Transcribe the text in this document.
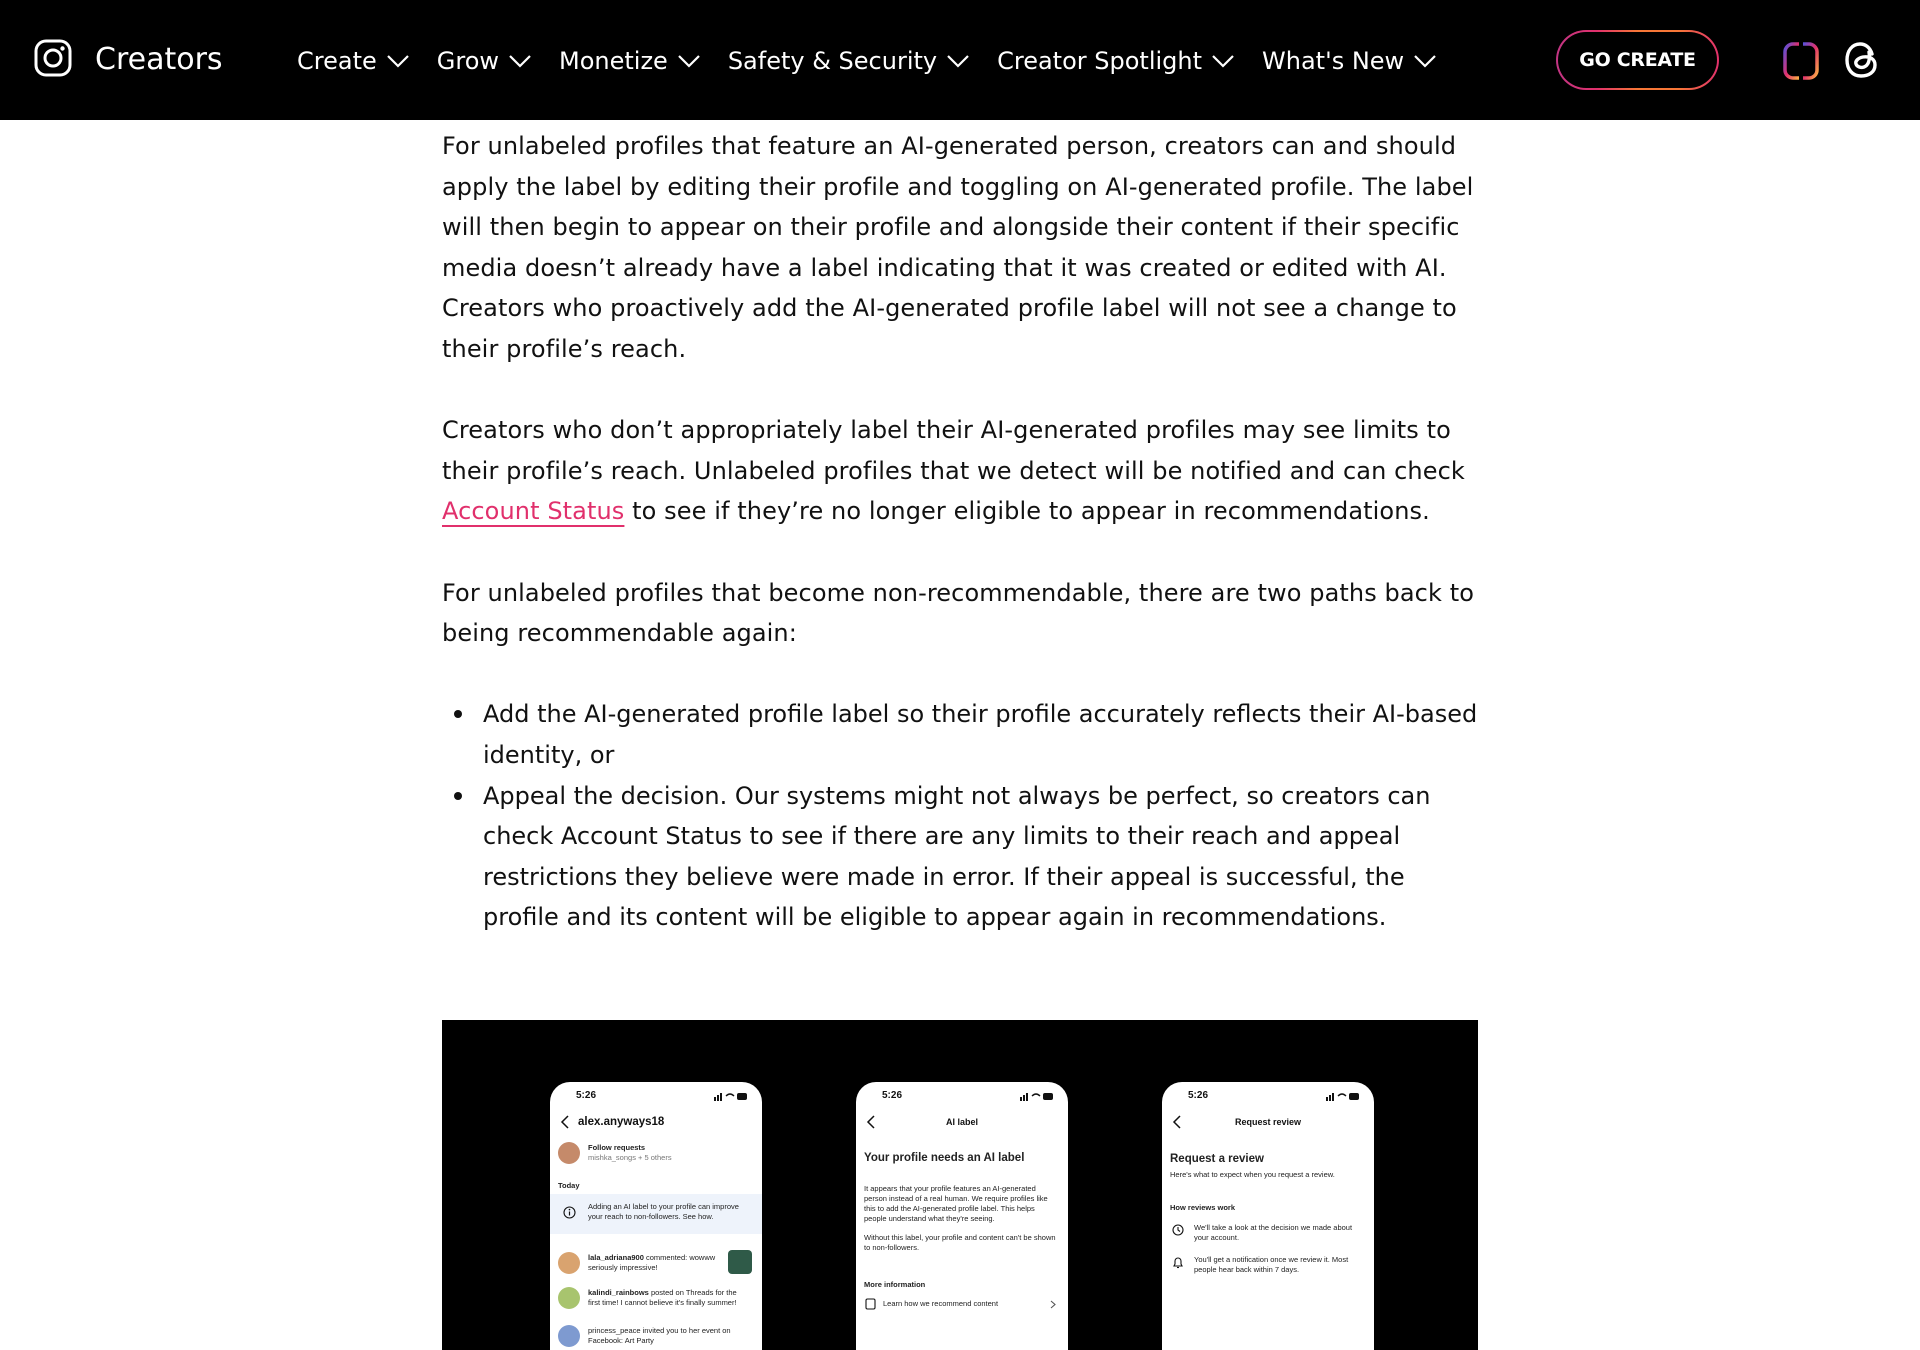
Creators	Create	Grow	Monetize	Safety & Security	Creator Spotlight	What's New	GO CREATE

For unlabeled profiles that feature an AI-generated person, creators can and should apply the label by editing their profile and toggling on AI-generated profile. The label will then begin to appear on their profile and alongside their content if their specific media doesn’t already have a label indicating that it was created or edited with AI. Creators who proactively add the AI-generated profile label will not see a change to their profile’s reach.

Creators who don’t appropriately label their AI-generated profiles may see limits to their profile’s reach. Unlabeled profiles that we detect will be notified and can check Account Status to see if they’re no longer eligible to appear in recommendations.

For unlabeled profiles that become non-recommendable, there are two paths back to being recommendable again:

Add the AI-generated profile label so their profile accurately reflects their AI-based identity, or
Appeal the decision. Our systems might not always be perfect, so creators can check Account Status to see if there are any limits to their reach and appeal restrictions they believe were made in error. If their appeal is successful, the profile and its content will be eligible to appear again in recommendations.
5:26
alex.anyways18
Follow requests
mishka_songs + 5 others
Today
Adding an AI label to your profile can improve your reach to non-followers. See how.
lala_adriana900 commented: wowww seriously impressive!
kalindi_rainbows posted on Threads for the first time! I cannot believe it's finally summer!
princess_peace invited you to her event on Facebook: Art Party
5:26
AI label
Your profile needs an AI label
It appears that your profile features an AI-generated person instead of a real human. We require profiles like this to add the AI-generated profile label. This helps people understand what they're seeing.
Without this label, your profile and content can't be shown to non-followers.
More information
Learn how we recommend content
5:26
Request review
Request a review
Here's what to expect when you request a review.
How reviews work
We'll take a look at the decision we made about your account.
You'll get a notification once we review it. Most people hear back within 7 days.
